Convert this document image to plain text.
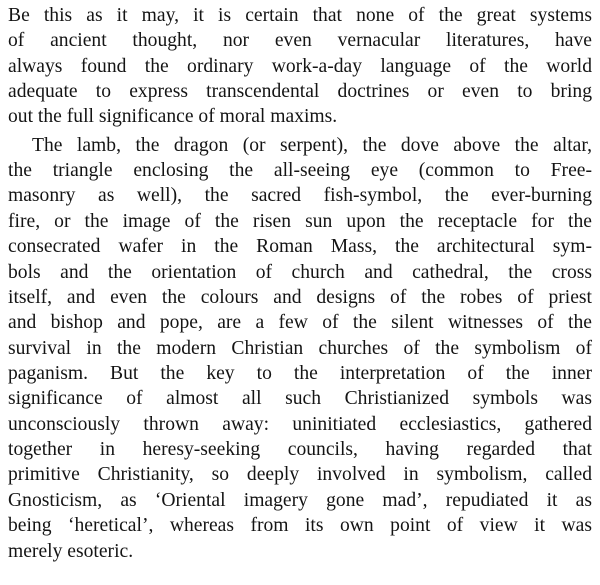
Be this as it may, it is certain that none of the great systems
of ancient thought, nor even vernacular literatures, have
always found the ordinary work-a-day language of the world
adequate to express transcendental doctrines or even to bring
out the full significance of moral maxims.
The lamb, the dragon (or serpent), the dove above the altar,
the triangle enclosing the all-seeing eye (common to Free-
masonry as well), the sacred fish-symbol, the ever-burning
fire, or the image of the risen sun upon the receptacle for the
consecrated wafer in the Roman Mass, the architectural sym-
bols and the orientation of church and cathedral, the cross
itself, and even the colours and designs of the robes of priest
and bishop and pope, are a few of the silent witnesses of the
survival in the modern Christian churches of the symbolism of
paganism. But the key to the interpretation of the inner
significance of almost all such Christianized symbols was
unconsciously thrown away: uninitiated ecclesiastics, gathered
together in heresy-seeking councils, having regarded that
primitive Christianity, so deeply involved in symbolism, called
Gnosticism, as ‘Oriental imagery gone mad’, repudiated it as
being ‘heretical’, whereas from its own point of view it was
merely esoteric.
